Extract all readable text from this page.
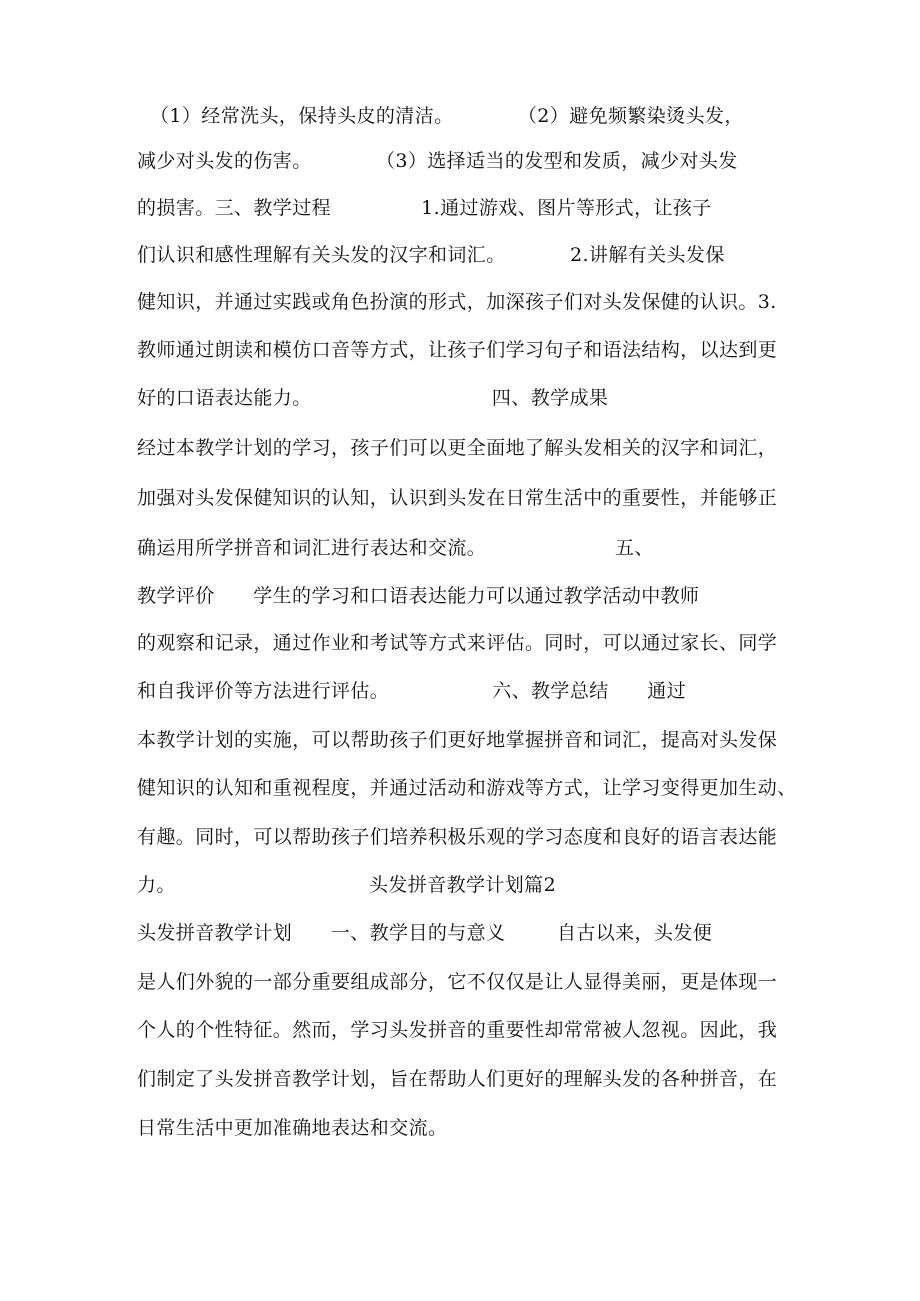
（1）经常洗头，保持头皮的清洁。          （2）避免频繁染烫头发，
减少对头发的伤害。          （3）选择适当的发型和发质，减少对头发
的损害。三、教学过程              1.通过游戏、图片等形式，让孩子
们认识和感性理解有关头发的汉字和词汇。          2.讲解有关头发保
健知识，并通过实践或角色扮演的形式，加深孩子们对头发保健的认识。3.
教师通过朗读和模仿口音等方式，让孩子们学习句子和语法结构，以达到更
好的口语表达能力。                            四、教学成果
经过本教学计划的学习，孩子们可以更全面地了解头发相关的汉字和词汇，
加强对头发保健知识的认知，认识到头发在日常生活中的重要性，并能够正
确运用所学拼音和词汇进行表达和交流。                    五、
教学评价      学生的学习和口语表达能力可以通过教学活动中教师
的观察和记录，通过作业和考试等方式来评估。同时，可以通过家长、同学
和自我评价等方法进行评估。                六、教学总结      通过
本教学计划的实施，可以帮助孩子们更好地掌握拼音和词汇，提高对头发保
健知识的认知和重视程度，并通过活动和游戏等方式，让学习变得更加生动、
有趣。同时，可以帮助孩子们培养积极乐观的学习态度和良好的语言表达能
力。                              头发拼音教学计划篇2
头发拼音教学计划      一、教学目的与意义        自古以来，头发便
是人们外貌的一部分重要组成部分，它不仅仅是让人显得美丽，更是体现一
个人的个性特征。然而，学习头发拼音的重要性却常常被人忽视。因此，我
们制定了头发拼音教学计划，旨在帮助人们更好的理解头发的各种拼音，在
日常生活中更加准确地表达和交流。
